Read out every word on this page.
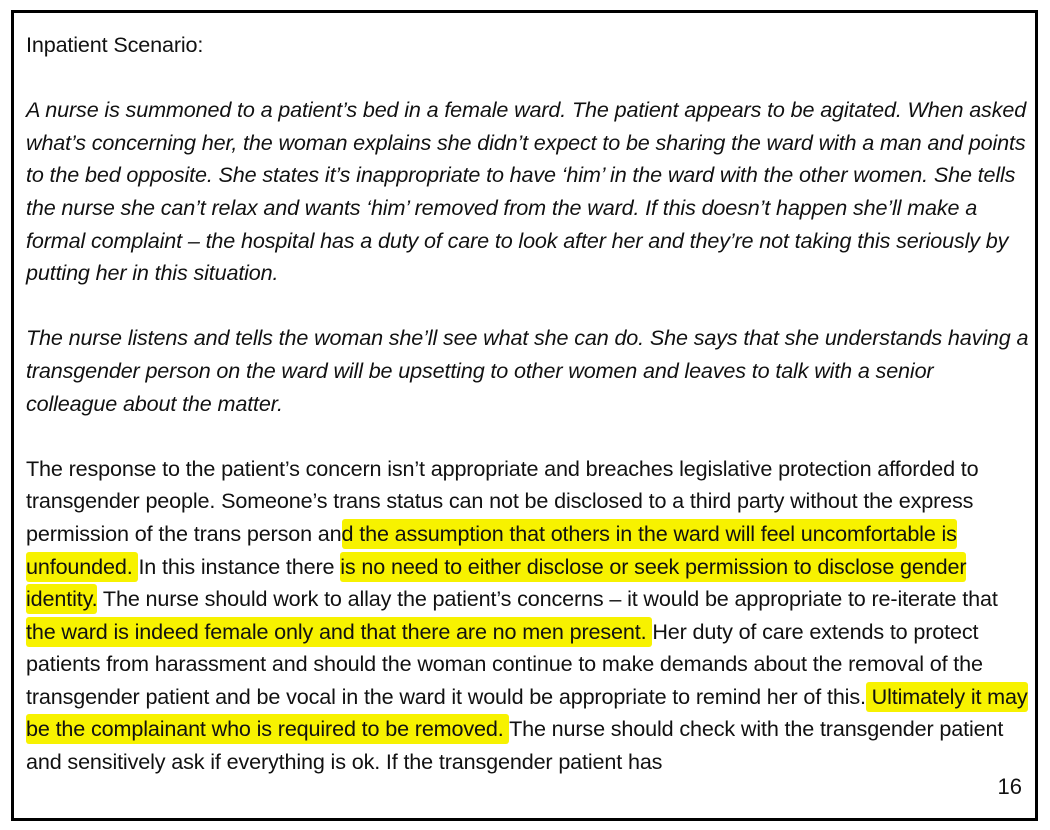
Inpatient Scenario:

A nurse is summoned to a patient’s bed in a female ward. The patient appears to be agitated. When asked what’s concerning her, the woman explains she didn’t expect to be sharing the ward with a man and points to the bed opposite. She states it’s inappropriate to have ‘him’ in the ward with the other women. She tells the nurse she can’t relax and wants ‘him’ removed from the ward. If this doesn’t happen she’ll make a formal complaint – the hospital has a duty of care to look after her and they’re not taking this seriously by putting her in this situation.

The nurse listens and tells the woman she’ll see what she can do. She says that she understands having a transgender person on the ward will be upsetting to other women and leaves to talk with a senior colleague about the matter.

The response to the patient’s concern isn’t appropriate and breaches legislative protection afforded to transgender people. Someone’s trans status can not be disclosed to a third party without the express permission of the trans person and the assumption that others in the ward will feel uncomfortable is unfounded. In this instance there is no need to either disclose or seek permission to disclose gender identity. The nurse should work to allay the patient’s concerns – it would be appropriate to re-iterate that the ward is indeed female only and that there are no men present. Her duty of care extends to protect patients from harassment and should the woman continue to make demands about the removal of the transgender patient and be vocal in the ward it would be appropriate to remind her of this. Ultimately it may be the complainant who is required to be removed. The nurse should check with the transgender patient and sensitively ask if everything is ok. If the transgender patient has

16
